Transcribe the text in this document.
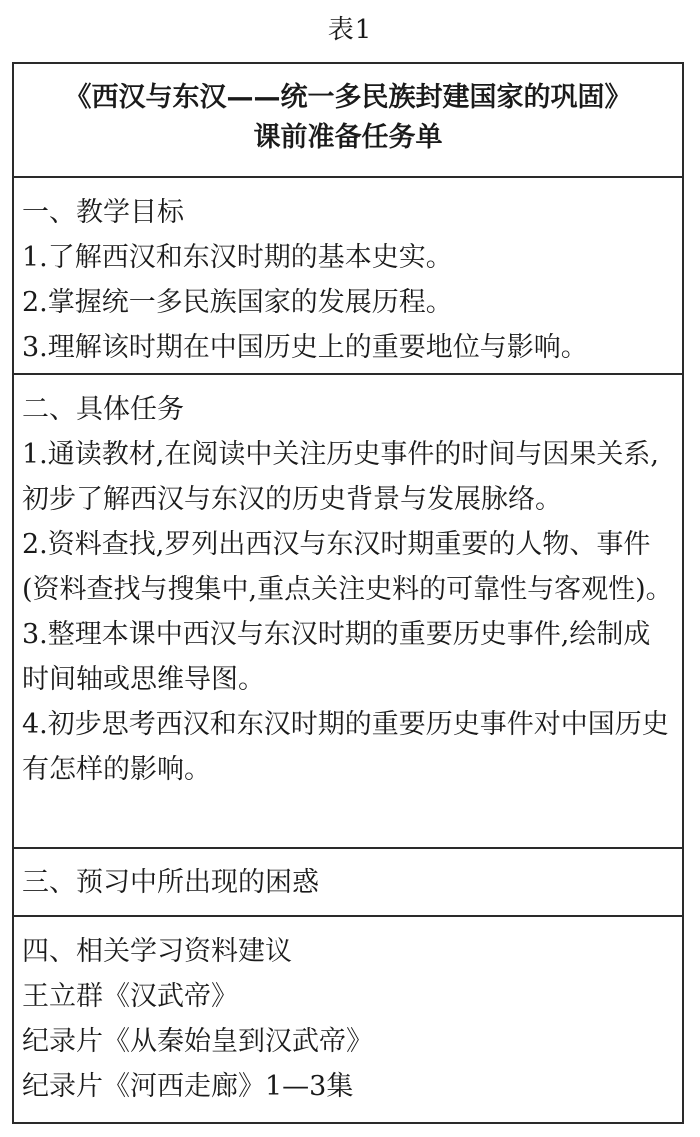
表1
《西汉与东汉——统一多民族封建国家的巩固》
课前准备任务单
一、教学目标
1.了解西汉和东汉时期的基本史实。
2.掌握统一多民族国家的发展历程。
3.理解该时期在中国历史上的重要地位与影响。
二、具体任务
1.通读教材,在阅读中关注历史事件的时间与因果关系,初步了解西汉与东汉的历史背景与发展脉络。
2.资料查找,罗列出西汉与东汉时期重要的人物、事件(资料查找与搜集中,重点关注史料的可靠性与客观性)。
3.整理本课中西汉与东汉时期的重要历史事件,绘制成时间轴或思维导图。
4.初步思考西汉和东汉时期的重要历史事件对中国历史有怎样的影响。
三、预习中所出现的困惑
四、相关学习资料建议
王立群《汉武帝》
纪录片《从秦始皇到汉武帝》
纪录片《河西走廊》1—3集
